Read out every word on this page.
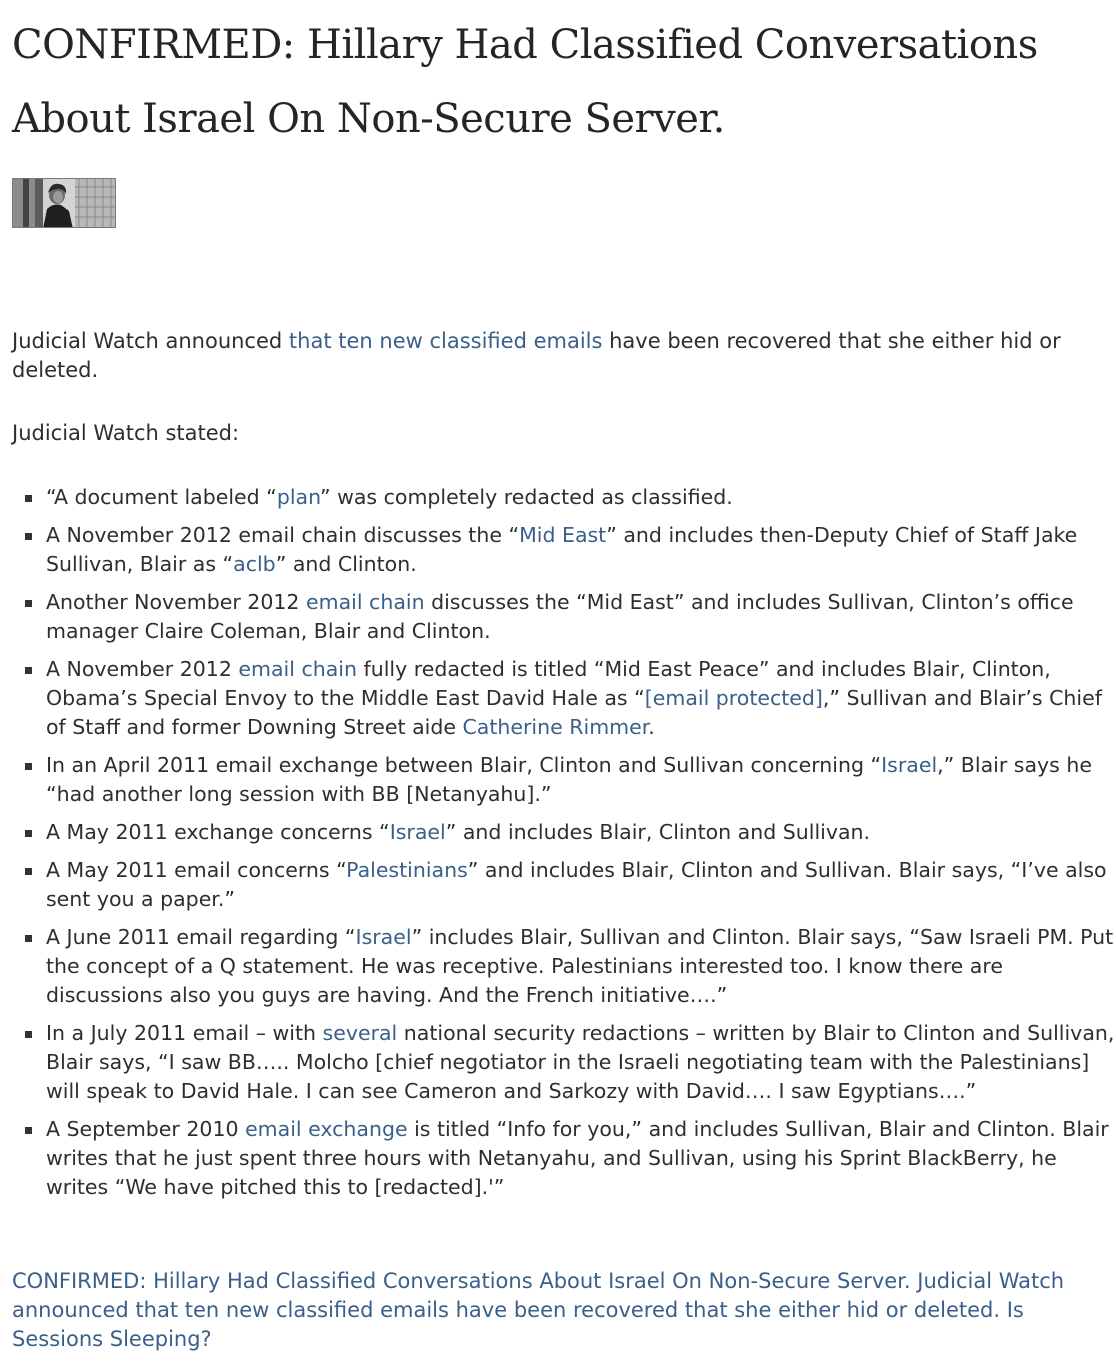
CONFIRMED: Hillary Had Classified Conversations About Israel On Non-Secure Server.

Judicial Watch announced that ten new classified emails have been recovered that she either hid or deleted.

Judicial Watch stated:

“A document labeled “plan” was completely redacted as classified.
A November 2012 email chain discusses the “Mid East” and includes then-Deputy Chief of Staff Jake Sullivan, Blair as “aclb” and Clinton.
Another November 2012 email chain discusses the “Mid East” and includes Sullivan, Clinton’s office manager Claire Coleman, Blair and Clinton.
A November 2012 email chain fully redacted is titled “Mid East Peace” and includes Blair, Clinton, Obama’s Special Envoy to the Middle East David Hale as “[email protected],” Sullivan and Blair’s Chief of Staff and former Downing Street aide Catherine Rimmer.
In an April 2011 email exchange between Blair, Clinton and Sullivan concerning “Israel,” Blair says he “had another long session with BB [Netanyahu].”
A May 2011 exchange concerns “Israel” and includes Blair, Clinton and Sullivan.
A May 2011 email concerns “Palestinians” and includes Blair, Clinton and Sullivan. Blair says, “I’ve also sent you a paper.”
A June 2011 email regarding “Israel” includes Blair, Sullivan and Clinton. Blair says, “Saw Israeli PM. Put the concept of a Q statement. He was receptive. Palestinians interested too. I know there are discussions also you guys are having. And the French initiative….”
In a July 2011 email – with several national security redactions – written by Blair to Clinton and Sullivan, Blair says, “I saw BB….. Molcho [chief negotiator in the Israeli negotiating team with the Palestinians] will speak to David Hale. I can see Cameron and Sarkozy with David…. I saw Egyptians….”
A September 2010 email exchange is titled “Info for you,” and includes Sullivan, Blair and Clinton. Blair writes that he just spent three hours with Netanyahu, and Sullivan, using his Sprint BlackBerry, he writes “We have pitched this to [redacted].'”
CONFIRMED: Hillary Had Classified Conversations About Israel On Non-Secure Server. Judicial Watch announced that ten new classified emails have been recovered that she either hid or deleted. Is Sessions Sleeping?
